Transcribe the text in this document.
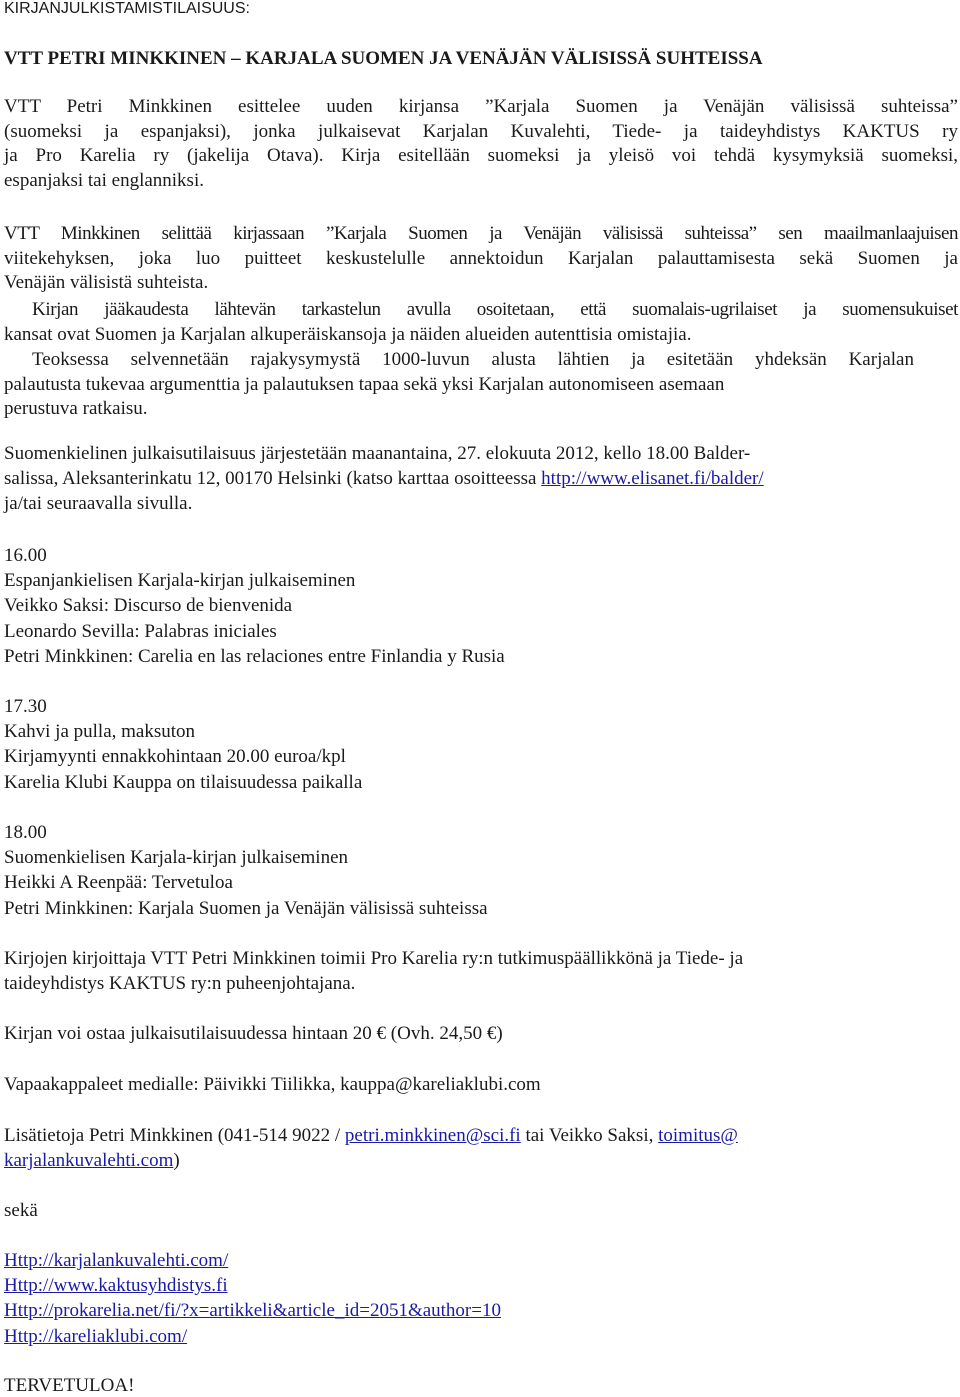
KIRJANJULKISTAMISTILAISUUS:
VTT PETRI MINKKINEN – KARJALA SUOMEN JA VENÄJÄN VÄLISISSÄ SUHTEISSA
VTT Petri Minkkinen esittelee uuden kirjansa ”Karjala Suomen ja Venäjän välisissä suhteissa”
(suomeksi ja espanjaksi), jonka julkaisevat Karjalan Kuvalehti, Tiede- ja taideyhdistys KAKTUS ry
ja Pro Karelia ry (jakelija Otava). Kirja esitellään suomeksi ja yleisö voi tehdä kysymyksiä suomeksi,
espanjaksi tai englanniksi.
VTT Minkkinen selittää kirjassaan ”Karjala Suomen ja Venäjän välisissä suhteissa” sen maailmanlaajuisen
viitekehyksen, joka luo puitteet keskustelulle annektoidun Karjalan palauttamisesta sekä Suomen ja
Venäjän välisistä suhteista.
Kirjan jääkaudesta lähtevän tarkastelun avulla osoitetaan, että suomalais-ugrilaiset ja suomensukuiset
kansat ovat Suomen ja Karjalan alkuperäiskansoja ja näiden alueiden autenttisia omistajia.
Teoksessa selvennetään rajakysymystä 1000-luvun alusta lähtien ja esitetään yhdeksän Karjalan
palautusta tukevaa argumenttia ja palautuksen tapaa sekä yksi Karjalan autonomiseen asemaan
perustuva ratkaisu.
Suomenkielinen julkaisutilaisuus järjestetään maanantaina, 27. elokuuta 2012, kello 18.00 Balder-
salissa, Aleksanterinkatu 12, 00170 Helsinki (katso karttaa osoitteessa http://www.elisanet.fi/balder/
ja/tai seuraavalla sivulla.
16.00
Espanjankielisen Karjala-kirjan julkaiseminen
Veikko Saksi: Discurso de bienvenida
Leonardo Sevilla: Palabras iniciales
Petri Minkkinen: Carelia en las relaciones entre Finlandia y Rusia
17.30
Kahvi ja pulla, maksuton
Kirjamyynti ennakkohintaan 20.00 euroa/kpl
Karelia Klubi Kauppa on tilaisuudessa paikalla
18.00
Suomenkielisen Karjala-kirjan julkaiseminen
Heikki A Reenpää: Tervetuloa
Petri Minkkinen: Karjala Suomen ja Venäjän välisissä suhteissa
Kirjojen kirjoittaja VTT Petri Minkkinen toimii Pro Karelia ry:n tutkimuspäällikkönä ja Tiede- ja
taideyhdistys KAKTUS ry:n puheenjohtajana.
Kirjan voi ostaa julkaisutilaisuudessa hintaan 20 € (Ovh. 24,50 €)
Vapaakappaleet medialle: Päivikki Tiilikka, kauppa@kareliaklubi.com
Lisätietoja Petri Minkkinen (041-514 9022 / petri.minkkinen@sci.fi tai Veikko Saksi, toimitus@
karjalankuvalehti.com)
sekä
Http://karjalankuvalehti.com/
Http://www.kaktusyhdistys.fi
Http://prokarelia.net/fi/?x=artikkeli&article_id=2051&author=10
Http://kareliaklubi.com/
TERVETULOA!
